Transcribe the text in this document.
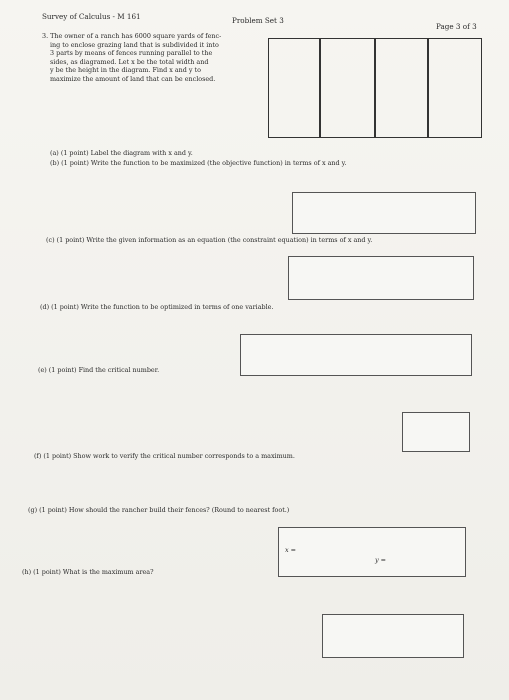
Survey of Calculus - M 161	Problem Set 3
Page 3 of 3
3. The owner of a ranch has 6000 square yards of fenc-
ing to enclose grazing land that is subdivided it into
3 parts by means of fences running parallel to the
sides, as diagramed. Let x be the total width and
y be the height in the diagram. Find x and y to
maximize the amount of land that can be enclosed.
(a) (1 point) Label the diagram with x and y.
(b) (1 point) Write the function to be maximized (the objective function) in terms of x and y.
(c) (1 point) Write the given information as an equation (the constraint equation) in terms of x and y.
(d) (1 point) Write the function to be optimized in terms of one variable.
(e) (1 point) Find the critical number.
(f) (1 point) Show work to verify the critical number corresponds to a maximum.
(g) (1 point) How should the rancher build their fences? (Round to nearest foot.)
x =
y =
(h) (1 point) What is the maximum area?
